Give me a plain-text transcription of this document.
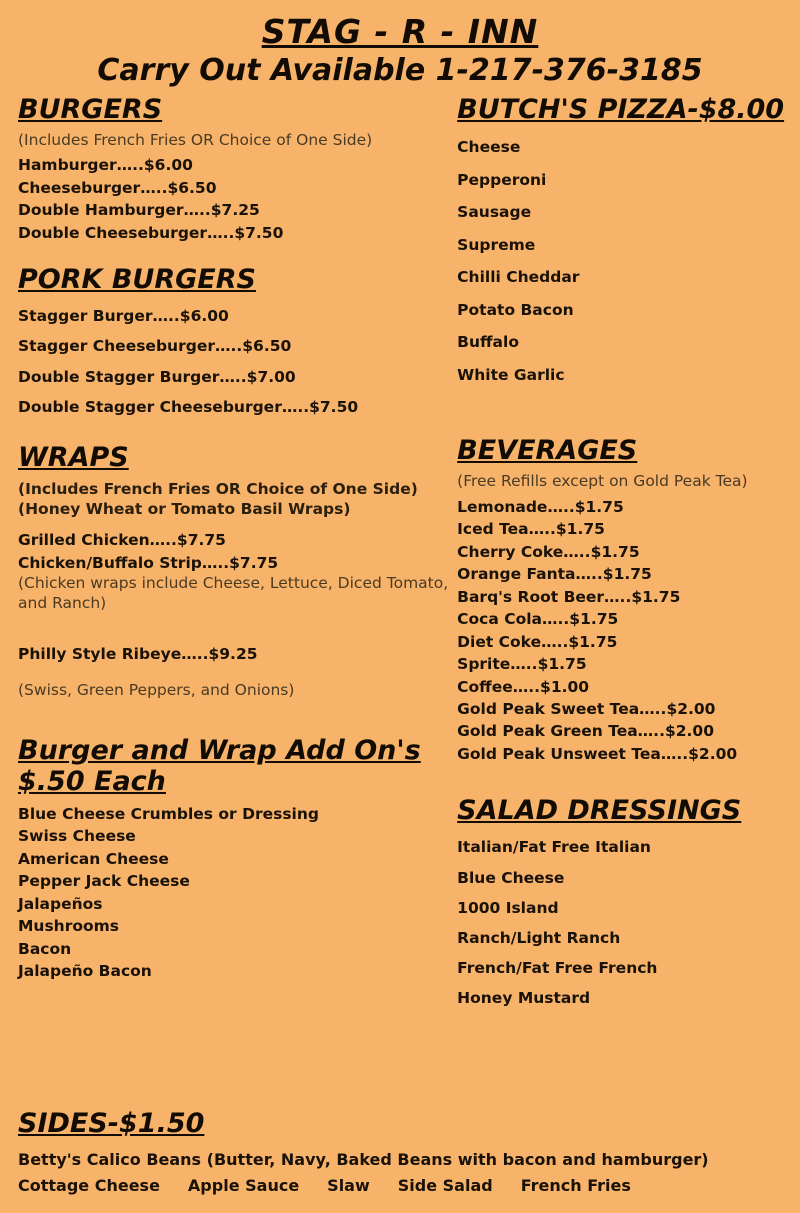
STAG - R - INN
Carry Out Available 1-217-376-3185
BURGERS

(Includes French Fries OR Choice of One Side)

Hamburger…..$6.00
Cheeseburger…..$6.50
Double Hamburger…..$7.25
Double Cheeseburger…..$7.50
PORK BURGERS
Stagger Burger…..$6.00
Stagger Cheeseburger…..$6.50
Double Stagger Burger…..$7.00
Double Stagger Cheeseburger…..$7.50
WRAPS

(Includes French Fries OR Choice of One Side)

(Honey Wheat or Tomato Basil Wraps)

Grilled Chicken…..$7.75
Chicken/Buffalo Strip…..$7.75

(Chicken wraps include Cheese, Lettuce, Diced Tomato, and Ranch)

Philly Style Ribeye…..$9.25

(Swiss, Green Peppers, and Onions)

Burger and Wrap Add On's $.50 Each
Blue Cheese Crumbles or Dressing
Swiss Cheese
American Cheese
Pepper Jack Cheese
Jalapeños
Mushrooms
Bacon
Jalapeño Bacon
BUTCH'S PIZZA-$8.00
Cheese
Pepperoni
Sausage
Supreme
Chilli Cheddar
Potato Bacon
Buffalo
White Garlic
BEVERAGES

(Free Refills except on Gold Peak Tea)

Lemonade…..$1.75
Iced Tea…..$1.75
Cherry Coke…..$1.75
Orange Fanta…..$1.75
Barq's Root Beer…..$1.75
Coca Cola…..$1.75
Diet Coke…..$1.75
Sprite…..$1.75
Coffee…..$1.00
Gold Peak Sweet Tea…..$2.00
Gold Peak Green Tea…..$2.00
Gold Peak Unsweet Tea…..$2.00
SALAD DRESSINGS
Italian/Fat Free Italian
Blue Cheese
1000 Island
Ranch/Light Ranch
French/Fat Free French
Honey Mustard
SIDES-$1.50
Betty's Calico Beans (Butter, Navy, Baked Beans with bacon and hamburger)
Cottage Cheese Apple Sauce Slaw Side Salad French Fries
